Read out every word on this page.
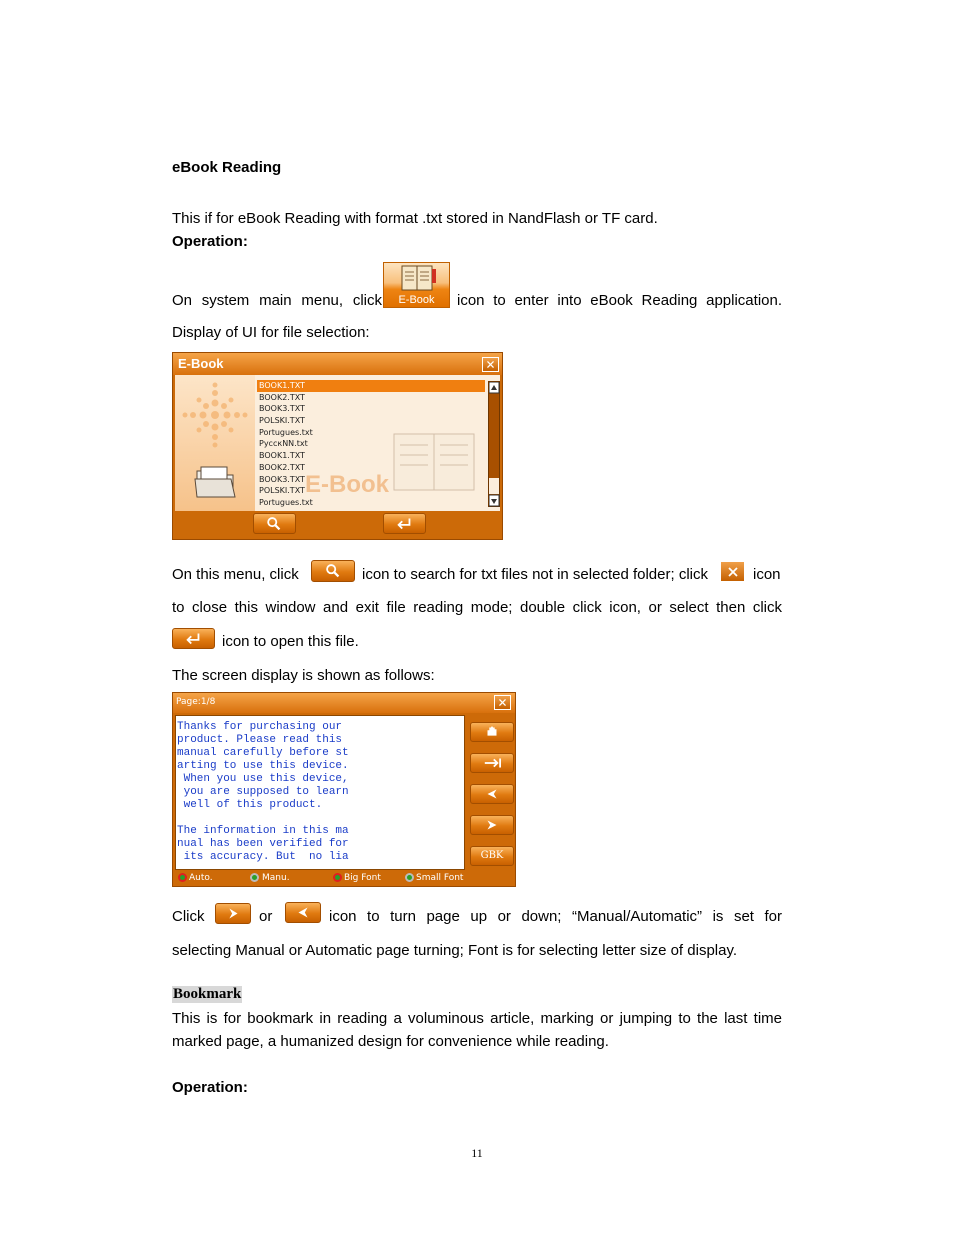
eBook Reading
This if for eBook Reading with format .txt stored in NandFlash or TF card.
Operation:
On system main menu, click	E-Book	icon to enter into eBook Reading application.
Display of UI for file selection:
E-Book
E-Book
BOOK1.TXT
BOOK2.TXT
BOOK3.TXT
POLSKI.TXT
Portugues.txt
PyccкNN.txt
BOOK1.TXT
BOOK2.TXT
BOOK3.TXT
POLSKI.TXT
Portugues.txt
On this menu, click	icon to search for txt files not in selected folder; click	icon
to close this window and exit file reading mode; double click icon, or select then click
icon to open this file.
The screen display is shown as follows:
Page:1/8
Thanks for purchasing our
product. Please read this
manual carefully before st
arting to use this device.
When you use this device,
you are supposed to learn
well of this product.
The information in this ma
nual has been verified for
its accuracy. But  no lia	GBK
Auto.	Manu.	Big Font	Small Font
Click	or	icon to turn page up or down; “Manual/Automatic” is set for
selecting Manual or Automatic page turning; Font is for selecting letter size of display.
Bookmark
This is for bookmark in reading a voluminous article, marking or jumping to the last time
marked page, a humanized design for convenience while reading.
Operation:
11
